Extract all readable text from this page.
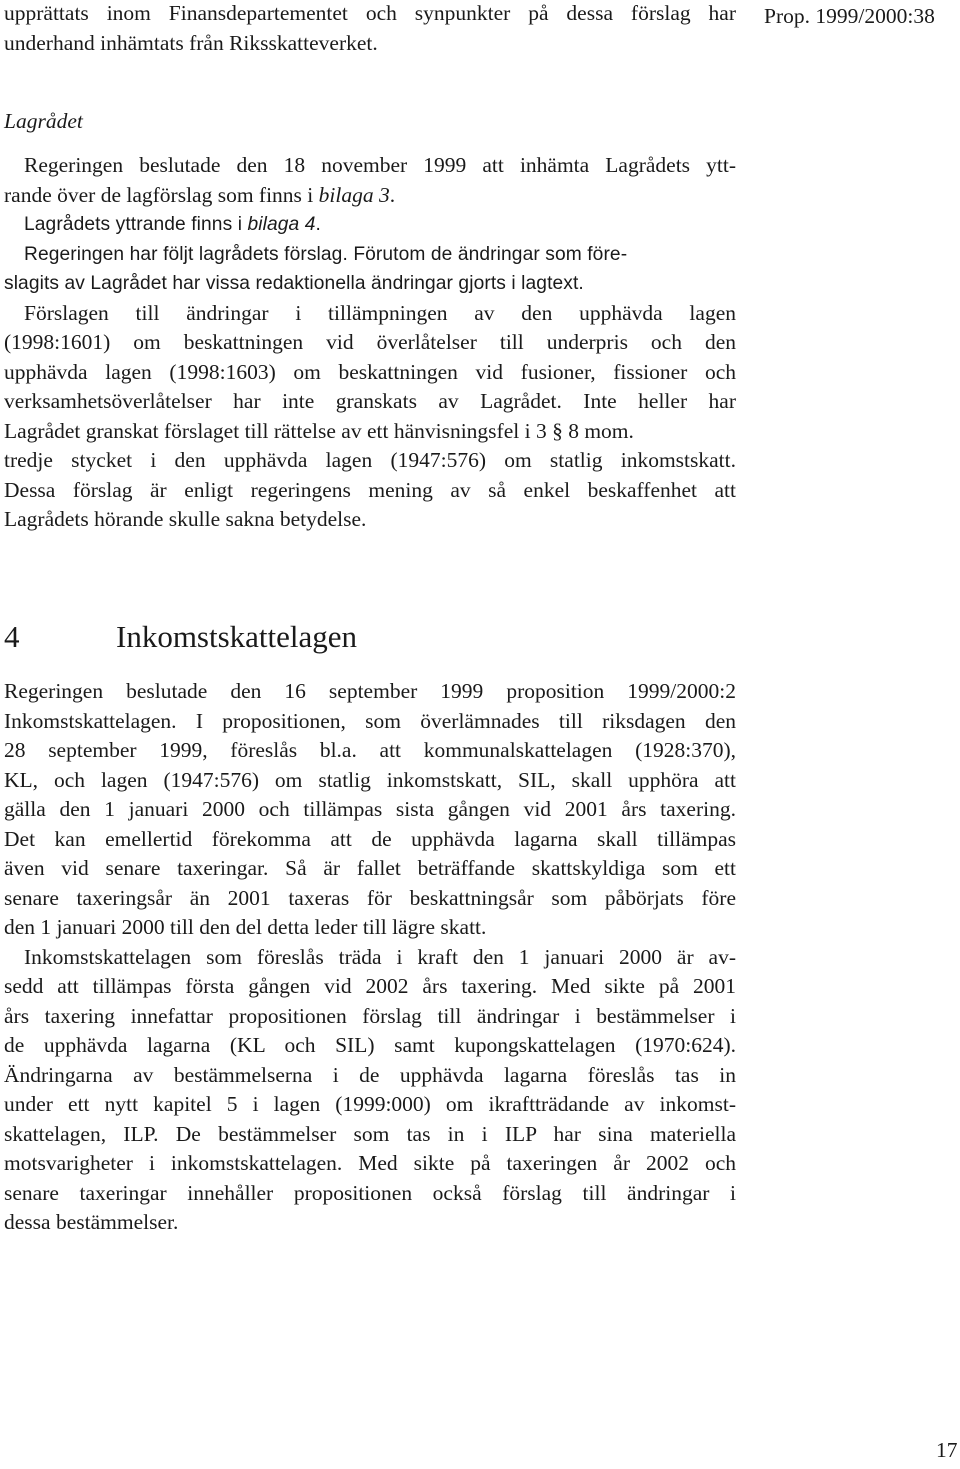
upprättats inom Finansdepartementet och synpunkter på dessa förslag har
underhand inhämtats från Riksskatteverket.
Prop. 1999/2000:38
Lagrådet
Regeringen beslutade den 18 november 1999 att inhämta Lagrådets ytt-
rande över de lagförslag som finns i bilaga 3.
Lagrådets yttrande finns i bilaga 4.
Regeringen har följt lagrådets förslag. Förutom de ändringar som före-
slagits av Lagrådet har vissa redaktionella ändringar gjorts i lagtext.
Förslagen till ändringar i tillämpningen av den upphävda lagen
(1998:1601) om beskattningen vid överlåtelser till underpris och den
upphävda lagen (1998:1603) om beskattningen vid fusioner, fissioner och
verksamhetsöverlåtelser har inte granskats av Lagrådet. Inte heller har
Lagrådet granskat förslaget till rättelse av ett hänvisningsfel i 3 § 8 mom.
tredje stycket i den upphävda lagen (1947:576) om statlig inkomstskatt.
Dessa förslag är enligt regeringens mening av så enkel beskaffenhet att
Lagrådets hörande skulle sakna betydelse.
4	Inkomstskattelagen
Regeringen beslutade den 16 september 1999 proposition 1999/2000:2
Inkomstskattelagen. I propositionen, som överlämnades till riksdagen den
28 september 1999, föreslås bl.a. att kommunalskattelagen (1928:370),
KL, och lagen (1947:576) om statlig inkomstskatt, SIL, skall upphöra att
gälla den 1 januari 2000 och tillämpas sista gången vid 2001 års taxering.
Det kan emellertid förekomma att de upphävda lagarna skall tillämpas
även vid senare taxeringar. Så är fallet beträffande skattskyldiga som ett
senare taxeringsår än 2001 taxeras för beskattningsår som påbörjats före
den 1 januari 2000 till den del detta leder till lägre skatt.
Inkomstskattelagen som föreslås träda i kraft den 1 januari 2000 är av-
sedd att tillämpas första gången vid 2002 års taxering. Med sikte på 2001
års taxering innefattar propositionen förslag till ändringar i bestämmelser i
de upphävda lagarna (KL och SIL) samt kupongskattelagen (1970:624).
Ändringarna av bestämmelserna i de upphävda lagarna föreslås tas in
under ett nytt kapitel 5 i lagen (1999:000) om ikraftträdande av inkomst-
skattelagen, ILP. De bestämmelser som tas in i ILP har sina materiella
motsvarigheter i inkomstskattelagen. Med sikte på taxeringen år 2002 och
senare taxeringar innehåller propositionen också förslag till ändringar i
dessa bestämmelser.
17
